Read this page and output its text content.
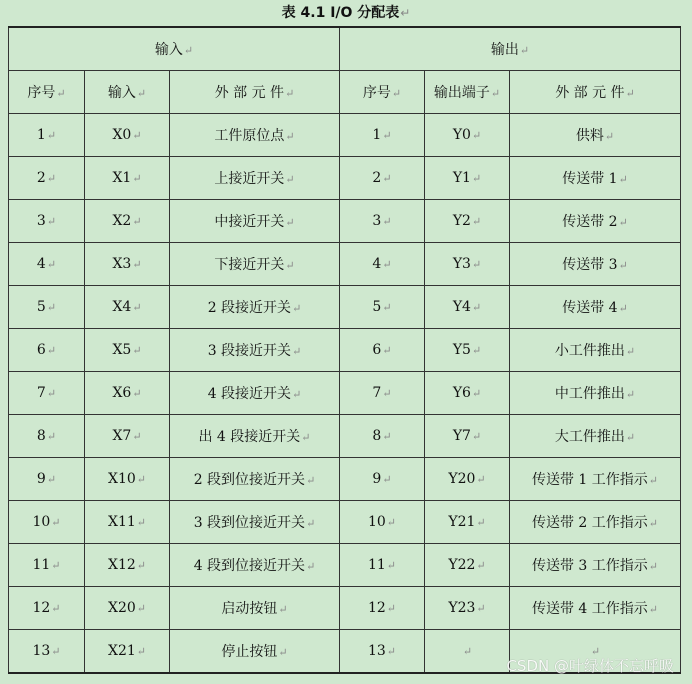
表 4.1 I/O 分配表↵
输入↵			输出↵		
序号↵	输入↵	外 部 元 件↵	序号↵	输出端子↵	外 部 元 件↵
1↵	X0↵	工件原位点↵	1↵	Y0↵	供料↵
2↵	X1↵	上接近开关↵	2↵	Y1↵	传送带 1↵
3↵	X2↵	中接近开关↵	3↵	Y2↵	传送带 2↵
4↵	X3↵	下接近开关↵	4↵	Y3↵	传送带 3↵
5↵	X4↵	2 段接近开关↵	5↵	Y4↵	传送带 4↵
6↵	X5↵	3 段接近开关↵	6↵	Y5↵	小工件推出↵
7↵	X6↵	4 段接近开关↵	7↵	Y6↵	中工件推出↵
8↵	X7↵	出 4 段接近开关↵	8↵	Y7↵	大工件推出↵
9↵	X10↵	2 段到位接近开关↵	9↵	Y20↵	传送带 1 工作指示↵
10↵	X11↵	3 段到位接近开关↵	10↵	Y21↵	传送带 2 工作指示↵
11↵	X12↵	4 段到位接近开关↵	11↵	Y22↵	传送带 3 工作指示↵
12↵	X20↵	启动按钮↵	12↵	Y23↵	传送带 4 工作指示↵
13↵	X21↵	停止按钮↵	13↵	↵	↵
CSDN @叶绿体不忘呼吸
